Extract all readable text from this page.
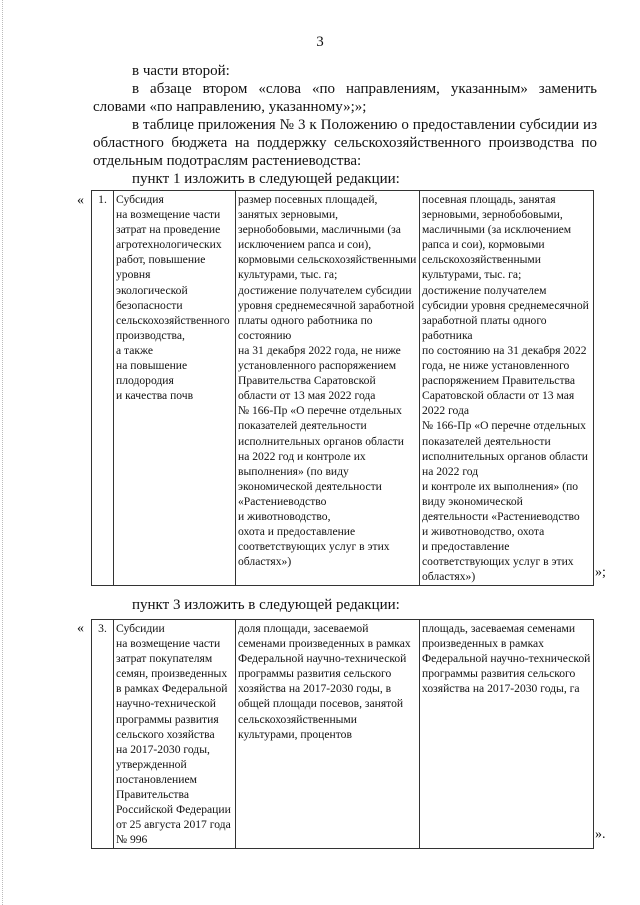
3

в части второй:

в абзаце втором «слова «по направлениям, указанным» заменить словами «по направлению, указанному»;»;

в таблице приложения № 3 к Положению о предоставлении субсидии из областного бюджета на поддержку сельскохозяйственного производства по отдельным подотраслям растениеводства:

пункт 1 изложить в следующей редакции:

« 1.	Субсидия
на возмещение части затрат на проведение агротехнологических работ, повышение уровня
экологической безопасности сельскохозяйственного производства,
а также
на повышение плодородия
и качества почв	размер посевных площадей, занятых зерновыми, зернобобовыми, масличными (за исключением рапса и сои), кормовыми сельскохозяйственными культурами, тыс. га;
достижение получателем субсидии уровня среднемесячной заработной платы одного работника по состоянию
на 31 декабря 2022 года, не ниже установленного распоряжением Правительства Саратовской области от 13 мая 2022 года
№ 166-Пр «О перечне отдельных показателей деятельности исполнительных органов области на 2022 год и контроле их выполнения» (по виду экономической деятельности «Растениеводство
и животноводство,
охота и предоставление соответствующих услуг в этих областях»)	посевная площадь, занятая зерновыми, зернобобовыми, масличными (за исключением рапса и сои), кормовыми сельскохозяйственными культурами, тыс. га;
достижение получателем субсидии уровня среднемесячной заработной платы одного работника
по состоянию на 31 декабря 2022 года, не ниже установленного распоряжением Правительства Саратовской области от 13 мая 2022 года
№ 166-Пр «О перечне отдельных показателей деятельности исполнительных органов области на 2022 год
и контроле их выполнения» (по виду экономической деятельности «Растениеводство
и животноводство, охота
и предоставление соответствующих услуг в этих областях»)	»;

пункт 3 изложить в следующей редакции:

« 3.	Субсидии
на возмещение части затрат покупателям семян, произведенных в рамках Федеральной научно-технической программы развития сельского хозяйства
на 2017-2030 годы, утвержденной постановлением Правительства Российской Федерации от 25 августа 2017 года
№ 996	доля площади, засеваемой семенами произведенных в рамках Федеральной научно-технической программы развития сельского хозяйства на 2017-2030 годы, в общей площади посевов, занятой сельскохозяйственными культурами, процентов	площадь, засеваемая семенами произведенных в рамках Федеральной научно-технической программы развития сельского хозяйства на 2017-2030 годы, га
».
